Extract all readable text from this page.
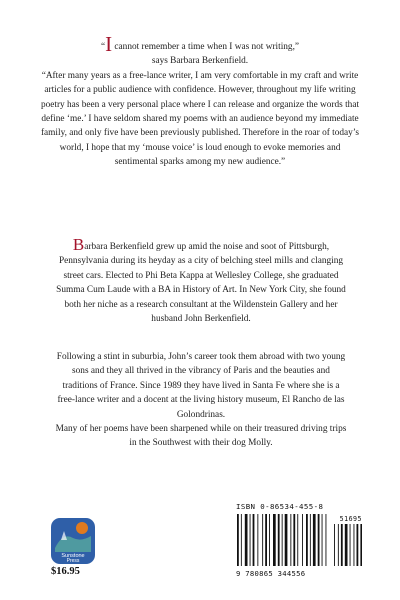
“I cannot remember a time when I was not writing,”

says Barbara Berkenfield.

“After many years as a free-lance writer, I am very comfortable in my craft and write articles for a public audience with confidence. However, throughout my life writing poetry has been a very personal place where I can release and organize the words that define ‘me.’ I have seldom shared my poems with an audience beyond my immediate family, and only five have been previously published. Therefore in the roar of today’s world, I hope that my ‘mouse voice’ is loud enough to evoke memories and sentimental sparks among my new audience.”

Barbara Berkenfield grew up amid the noise and soot of Pittsburgh, Pennsylvania during its heyday as a city of belching steel mills and clanging street cars. Elected to Phi Beta Kappa at Wellesley College, she graduated Summa Cum Laude with a BA in History of Art. In New York City, she found both her niche as a research consultant at the Wildenstein Gallery and her husband John Berkenfield.

Following a stint in suburbia, John’s career took them abroad with two young sons and they all thrived in the vibrancy of Paris and the beauties and traditions of France. Since 1989 they have lived in Santa Fe where she is a free-lance writer and a docent at the living history museum, El Rancho de las Golondrinas.

Many of her poems have been sharpened while on their treasured driving trips in the Southwest with their dog Molly.

Sunstone
Press
$16.95
ISBN 0-86534-455-8
51695
9 780865 344556
